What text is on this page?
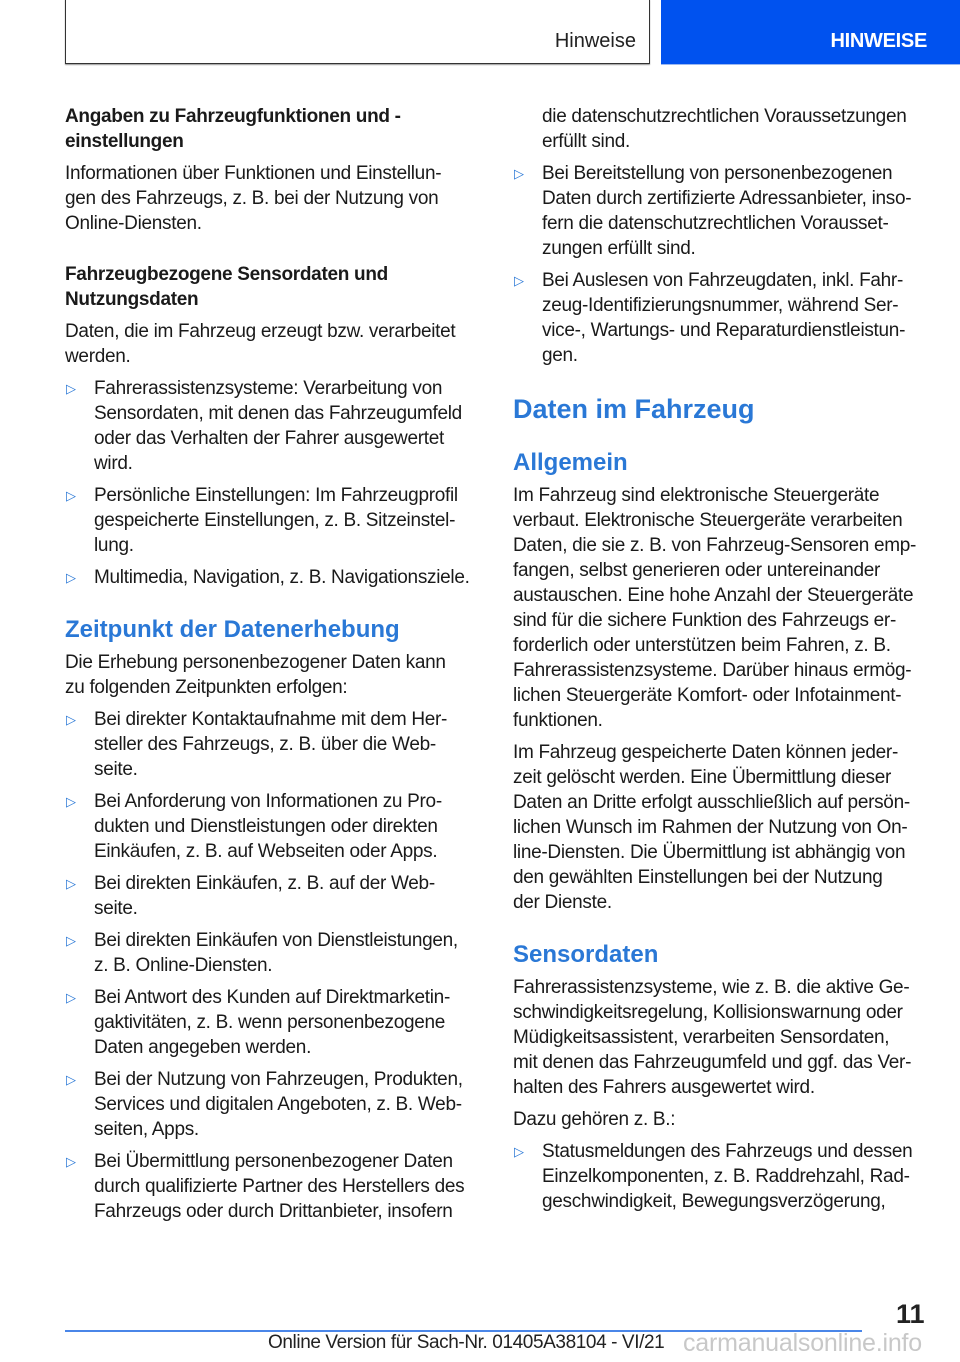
Hinweise	HINWEISE
Angaben zu Fahrzeugfunktionen und -
einstellungen
Informationen über Funktionen und Einstellun-
gen des Fahrzeugs, z. B. bei der Nutzung von
Online-Diensten.
Fahrzeugbezogene Sensordaten und
Nutzungsdaten
Daten, die im Fahrzeug erzeugt bzw. verarbeitet
werden.
▷ Fahrerassistenzsysteme: Verarbeitung von
Sensordaten, mit denen das Fahrzeugumfeld
oder das Verhalten der Fahrer ausgewertet
wird.
▷ Persönliche Einstellungen: Im Fahrzeugprofil
gespeicherte Einstellungen, z. B. Sitzeinstel-
lung.
▷ Multimedia, Navigation, z. B. Navigationsziele.
Zeitpunkt der Datenerhebung
Die Erhebung personenbezogener Daten kann
zu folgenden Zeitpunkten erfolgen:
▷ Bei direkter Kontaktaufnahme mit dem Her-
steller des Fahrzeugs, z. B. über die Web-
seite.
▷ Bei Anforderung von Informationen zu Pro-
dukten und Dienstleistungen oder direkten
Einkäufen, z. B. auf Webseiten oder Apps.
▷ Bei direkten Einkäufen, z. B. auf der Web-
seite.
▷ Bei direkten Einkäufen von Dienstleistungen,
z. B. Online-Diensten.
▷ Bei Antwort des Kunden auf Direktmarketin-
gaktivitäten, z. B. wenn personenbezogene
Daten angegeben werden.
▷ Bei der Nutzung von Fahrzeugen, Produkten,
Services und digitalen Angeboten, z. B. Web-
seiten, Apps.
▷ Bei Übermittlung personenbezogener Daten
durch qualifizierte Partner des Herstellers des
Fahrzeugs oder durch Drittanbieter, insofern
die datenschutzrechtlichen Voraussetzungen
erfüllt sind.
▷ Bei Bereitstellung von personenbezogenen
Daten durch zertifizierte Adressanbieter, inso-
fern die datenschutzrechtlichen Vorausset-
zungen erfüllt sind.
▷ Bei Auslesen von Fahrzeugdaten, inkl. Fahr-
zeug-Identifizierungsnummer, während Ser-
vice-, Wartungs- und Reparaturdienstleistun-
gen.
Daten im Fahrzeug
Allgemein
Im Fahrzeug sind elektronische Steuergeräte
verbaut. Elektronische Steuergeräte verarbeiten
Daten, die sie z. B. von Fahrzeug-Sensoren emp-
fangen, selbst generieren oder untereinander
austauschen. Eine hohe Anzahl der Steuergeräte
sind für die sichere Funktion des Fahrzeugs er-
forderlich oder unterstützen beim Fahren, z. B.
Fahrerassistenzsysteme. Darüber hinaus ermög-
lichen Steuergeräte Komfort- oder Infotainment-
funktionen.
Im Fahrzeug gespeicherte Daten können jeder-
zeit gelöscht werden. Eine Übermittlung dieser
Daten an Dritte erfolgt ausschließlich auf persön-
lichen Wunsch im Rahmen der Nutzung von On-
line-Diensten. Die Übermittlung ist abhängig von
den gewählten Einstellungen bei der Nutzung
der Dienste.
Sensordaten
Fahrerassistenzsysteme, wie z. B. die aktive Ge-
schwindigkeitsregelung, Kollisionswarnung oder
Müdigkeitsassistent, verarbeiten Sensordaten,
mit denen das Fahrzeugumfeld und ggf. das Ver-
halten des Fahrers ausgewertet wird.
Dazu gehören z. B.:
▷ Statusmeldungen des Fahrzeugs und dessen
Einzelkomponenten, z. B. Raddrehzahl, Rad-
geschwindigkeit, Bewegungsverzögerung,
11
Online Version für Sach-Nr. 01405A38104 - VI/21 carmanualsonline.info
